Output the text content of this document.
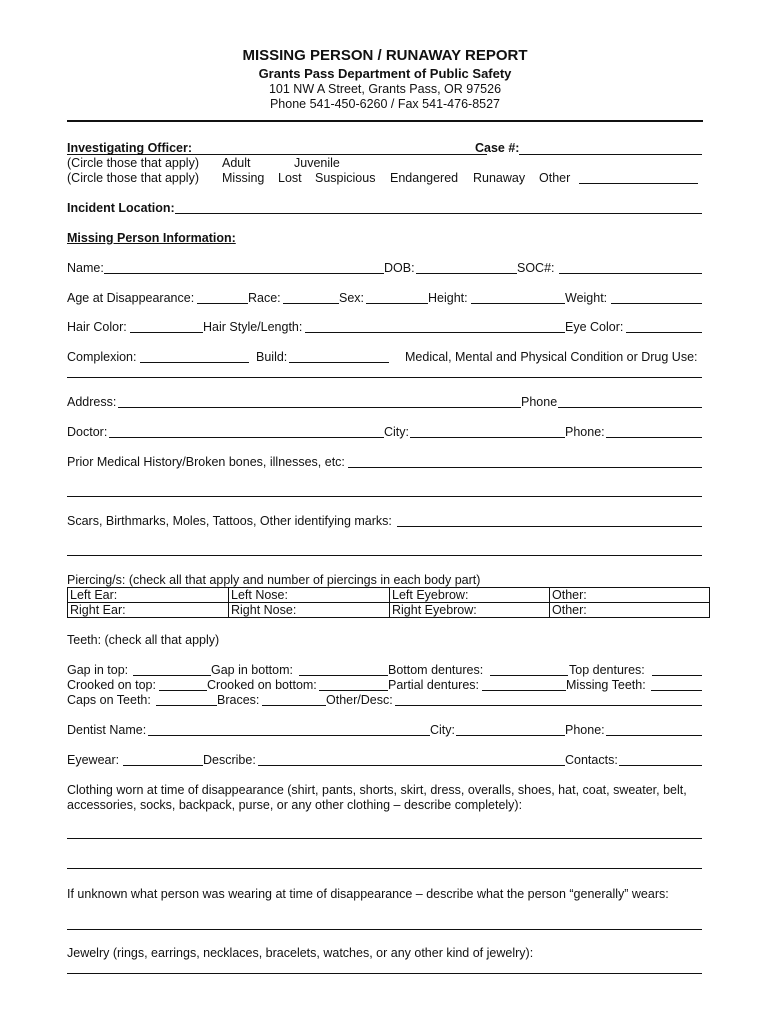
MISSING PERSON / RUNAWAY REPORT
Grants Pass Department of Public Safety
101 NW A Street, Grants Pass, OR 97526
Phone 541-450-6260 / Fax 541-476-8527
Investigating Officer:	Case #:
(Circle those that apply) Adult	Juvenile
(Circle those that apply) Missing Lost Suspicious Endangered Runaway Other
Incident Location:
Missing Person Information:
Name:	DOB:	SOC#:
Age at Disappearance:	Race:	Sex:	Height:	Weight:
Hair Color:	Hair Style/Length:	Eye Color:
Complexion:	Build:	Medical, Mental and Physical Condition or Drug Use:
Address:	Phone
Doctor:	City:	Phone:
Prior Medical History/Broken bones, illnesses, etc:
Scars, Birthmarks, Moles, Tattoos, Other identifying marks:
Piercing/s: (check all that apply and number of piercings in each body part)
Left Ear:	Left Nose:	Left Eyebrow:	Other:
Right Ear:	Right Nose:	Right Eyebrow:	Other:
Teeth: (check all that apply)
Gap in top:	Gap in bottom:	Bottom dentures:	Top dentures:
Crooked on top:	Crooked on bottom:	Partial dentures:	Missing Teeth:
Caps on Teeth:	Braces:	Other/Desc:
Dentist Name:	City:	Phone:
Eyewear:	Describe:	Contacts:
Clothing worn at time of disappearance (shirt, pants, shorts, skirt, dress, overalls, shoes, hat, coat, sweater, belt,
accessories, socks, backpack, purse, or any other clothing – describe completely):
If unknown what person was wearing at time of disappearance – describe what the person “generally” wears:
Jewelry (rings, earrings, necklaces, bracelets, watches, or any other kind of jewelry):
